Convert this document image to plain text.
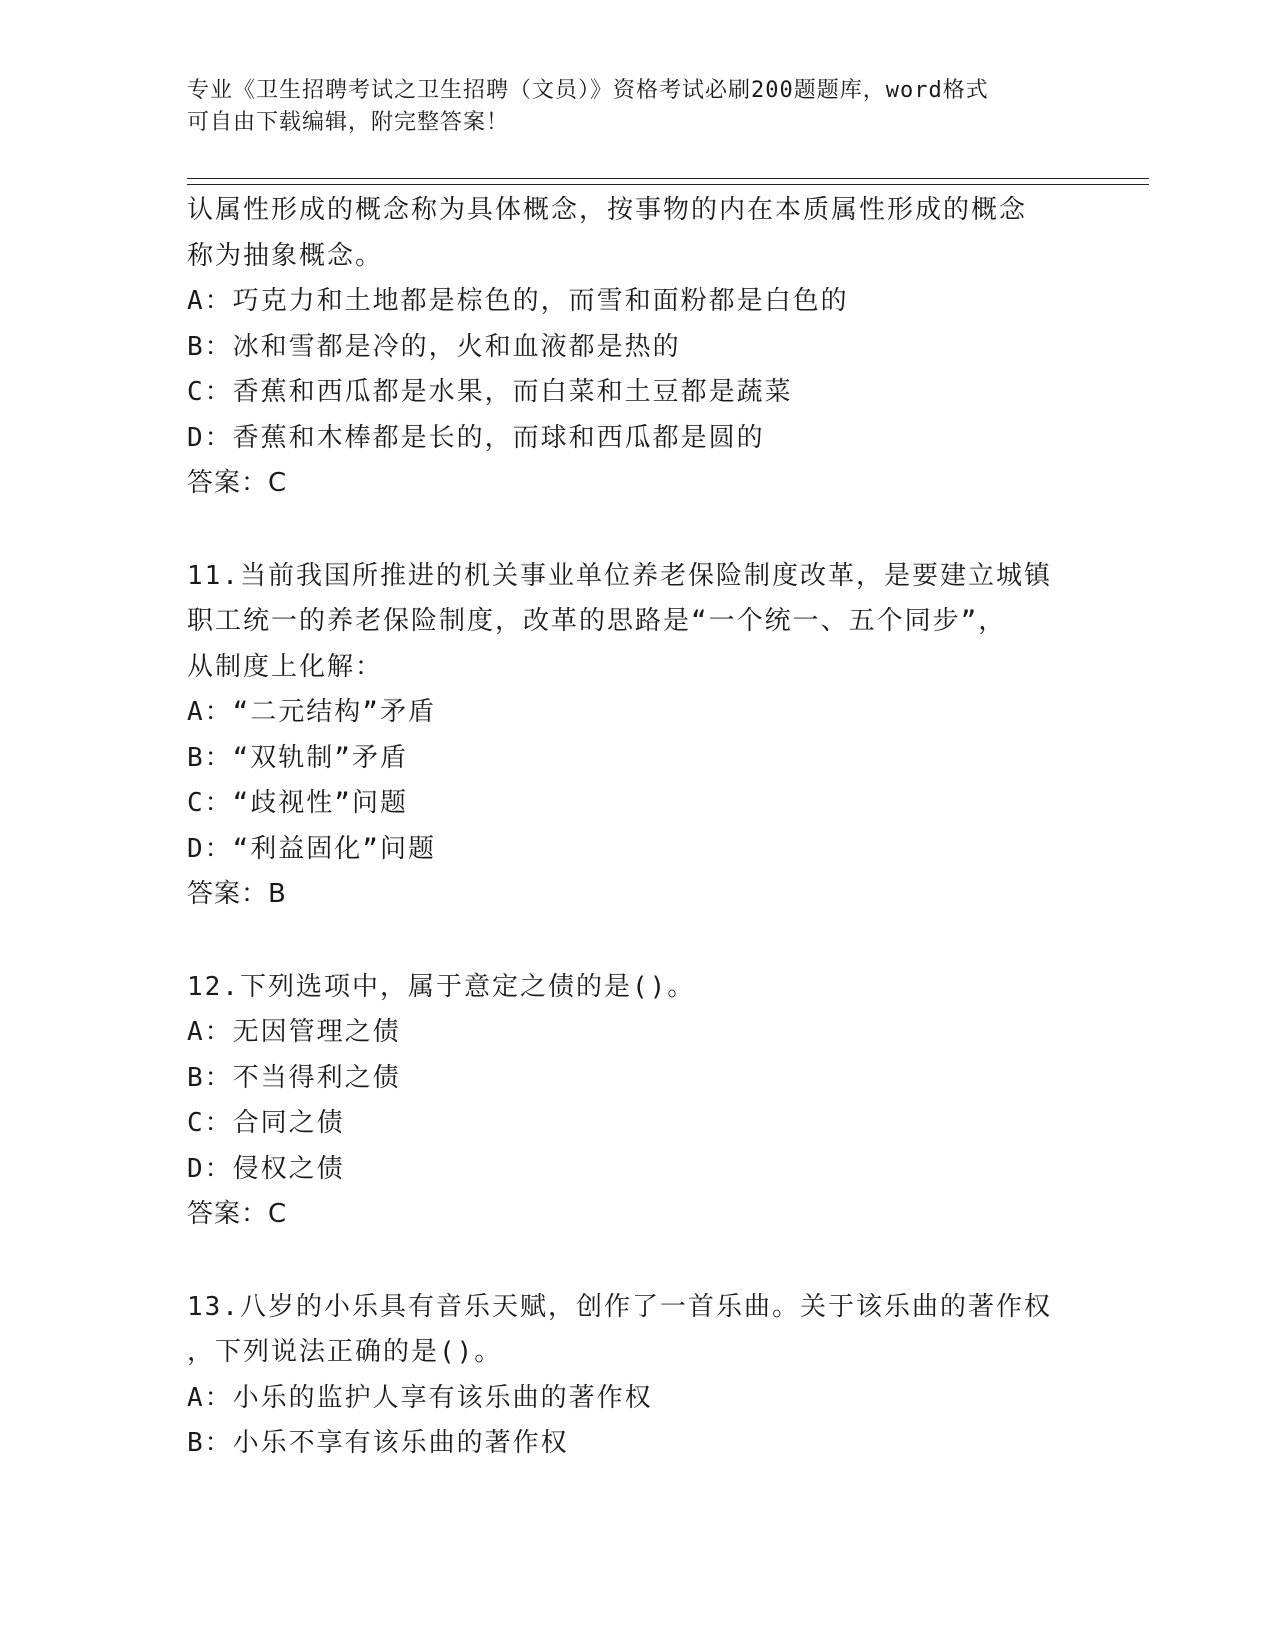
专业《卫生招聘考试之卫生招聘（文员）》资格考试必刷200题题库，word格式
可自由下载编辑，附完整答案！
认属性形成的概念称为具体概念，按事物的内在本质属性形成的概念
称为抽象概念。
A：巧克力和土地都是棕色的，而雪和面粉都是白色的
B：冰和雪都是冷的，火和血液都是热的
C：香蕉和西瓜都是水果，而白菜和土豆都是蔬菜
D：香蕉和木棒都是长的，而球和西瓜都是圆的
答案：C
11.当前我国所推进的机关事业单位养老保险制度改革，是要建立城镇
职工统一的养老保险制度，改革的思路是“一个统一、五个同步”，
从制度上化解：
A：“二元结构”矛盾
B：“双轨制”矛盾
C：“歧视性”问题
D：“利益固化”问题
答案：B
12.下列选项中，属于意定之债的是()。
A：无因管理之债
B：不当得利之债
C：合同之债
D：侵权之债
答案：C
13.八岁的小乐具有音乐天赋，创作了一首乐曲。关于该乐曲的著作权
，下列说法正确的是()。
A：小乐的监护人享有该乐曲的著作权
B：小乐不享有该乐曲的著作权
